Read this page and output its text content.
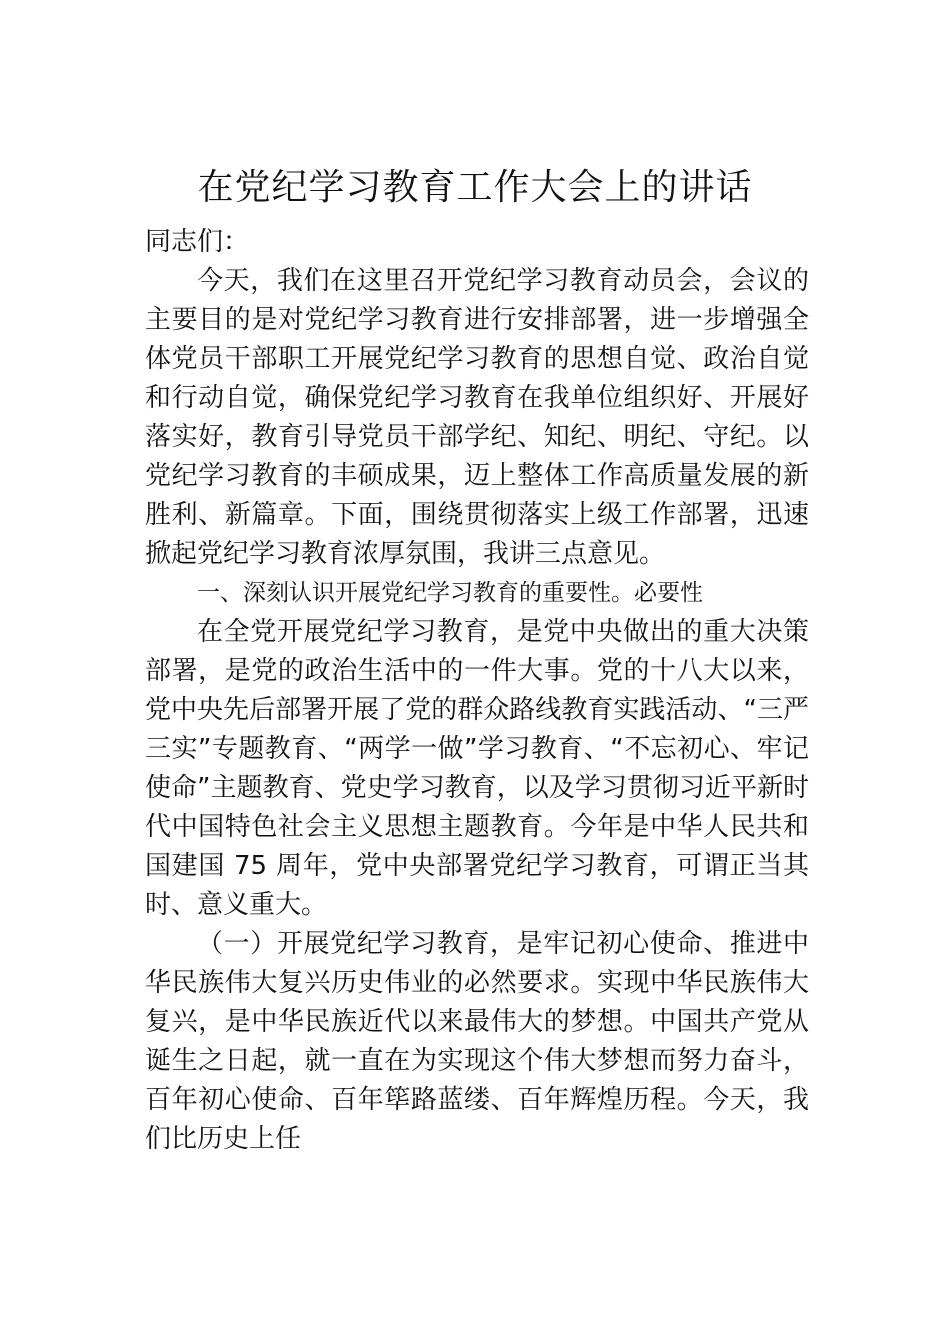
在党纪学习教育工作大会上的讲话

同志们：

今天，我们在这里召开党纪学习教育动员会，会议的主要目的是对党纪学习教育进行安排部署，进一步增强全体党员干部职工开展党纪学习教育的思想自觉、政治自觉和行动自觉，确保党纪学习教育在我单位组织好、开展好落实好，教育引导党员干部学纪、知纪、明纪、守纪。以党纪学习教育的丰硕成果，迈上整体工作高质量发展的新胜利、新篇章。下面，围绕贯彻落实上级工作部署，迅速掀起党纪学习教育浓厚氛围，我讲三点意见。

一、深刻认识开展党纪学习教育的重要性。必要性

在全党开展党纪学习教育，是党中央做出的重大决策部署，是党的政治生活中的一件大事。党的十八大以来，党中央先后部署开展了党的群众路线教育实践活动、“三严三实”专题教育、“两学一做”学习教育、“不忘初心、牢记使命”主题教育、党史学习教育，以及学习贯彻习近平新时代中国特色社会主义思想主题教育。今年是中华人民共和国建国 75 周年，党中央部署党纪学习教育，可谓正当其时、意义重大。

（一）开展党纪学习教育，是牢记初心使命、推进中华民族伟大复兴历史伟业的必然要求。实现中华民族伟大复兴，是中华民族近代以来最伟大的梦想。中国共产党从诞生之日起，就一直在为实现这个伟大梦想而努力奋斗，百年初心使命、百年筚路蓝缕、百年辉煌历程。今天，我们比历史上任
